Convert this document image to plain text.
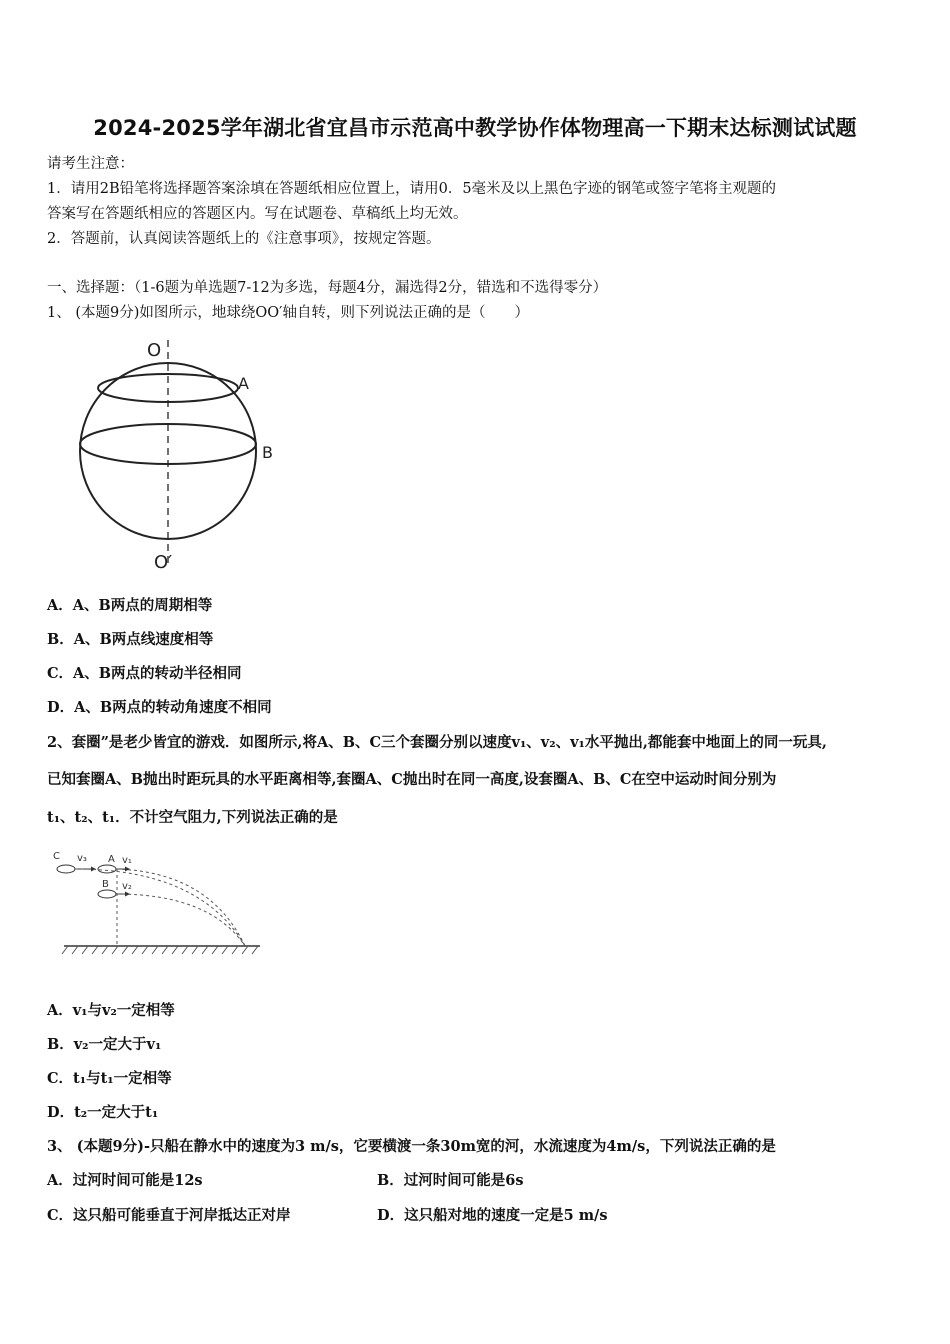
2024-2025学年湖北省宜昌市示范高中教学协作体物理高一下期末达标测试试题
请考生注意：
1．请用2B铅笔将选择题答案涂填在答题纸相应位置上，请用0．5毫米及以上黑色字迹的钢笔或签字笔将主观题的
答案写在答题纸相应的答题区内。写在试题卷、草稿纸上均无效。
2．答题前，认真阅读答题纸上的《注意事项》，按规定答题。
一、选择题：（1-6题为单选题7-12为多选，每题4分，漏选得2分，错选和不选得零分）
1、 (本题9分)如图所示，地球绕OO′轴自转，则下列说法正确的是（　　）
O
A
B
O′
A．A、B两点的周期相等
B．A、B两点线速度相等
C．A、B两点的转动半径相同
D．A、B两点的转动角速度不相同
2、套圈”是老少皆宜的游戏．如图所示,将A、B、C三个套圈分别以速度v₁、v₂、v₁水平抛出,都能套中地面上的同一玩具,
已知套圈A、B抛出时距玩具的水平距离相等,套圈A、C抛出时在同一高度,设套圈A、B、C在空中运动时间分别为
t₁、t₂、t₁．不计空气阻力,下列说法正确的是
C v₃ A v₁
B v₂
A．v₁与v₂一定相等
B．v₂一定大于v₁
C．t₁与t₁一定相等
D．t₂一定大于t₁
3、 (本题9分)-只船在静水中的速度为3 m/s，它要横渡一条30m宽的河，水流速度为4m/s，下列说法正确的是
A．过河时间可能是12s	B．过河时间可能是6s
C．这只船可能垂直于河岸抵达正对岸	D．这只船对地的速度一定是5 m/s
